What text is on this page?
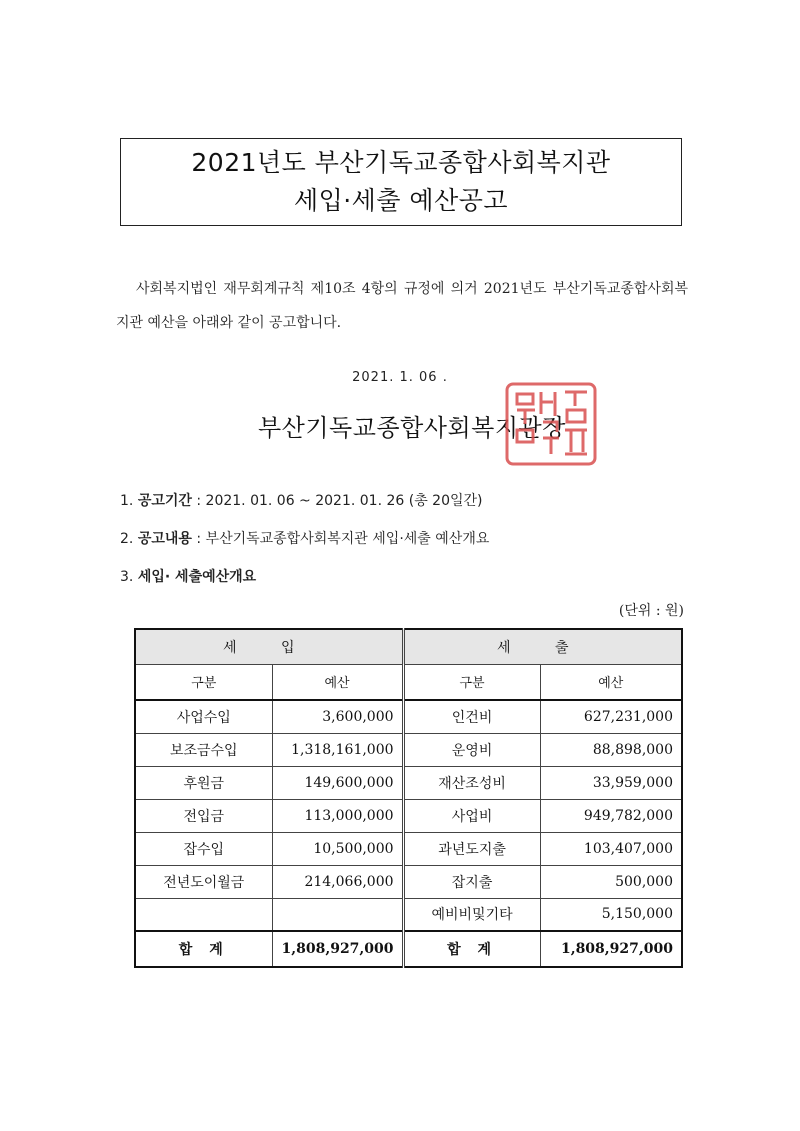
2021년도 부산기독교종합사회복지관
세입·세출 예산공고
사회복지법인 재무회계규칙 제10조 4항의 규정에 의거 2021년도 부산기독교종합사회복지관 예산을 아래와 같이 공고합니다.
2021. 1. 06 .
부산기독교종합사회복지관장
1. 공고기간 : 2021. 01. 06 ~ 2021. 01. 26 (총 20일간)
2. 공고내용 : 부산기독교종합사회복지관 세입·세출 예산개요
3. 세입· 세출예산개요
(단위 : 원)
세 입		세 출	
구분	예산	구분	예산
사업수입	3,600,000	인건비	627,231,000
보조금수입	1,318,161,000	운영비	88,898,000
후원금	149,600,000	재산조성비	33,959,000
전입금	113,000,000	사업비	949,782,000
잡수입	10,500,000	과년도지출	103,407,000
전년도이월금	214,066,000	잡지출	500,000
		예비비및기타	5,150,000
합 계	1,808,927,000	합 계	1,808,927,000
